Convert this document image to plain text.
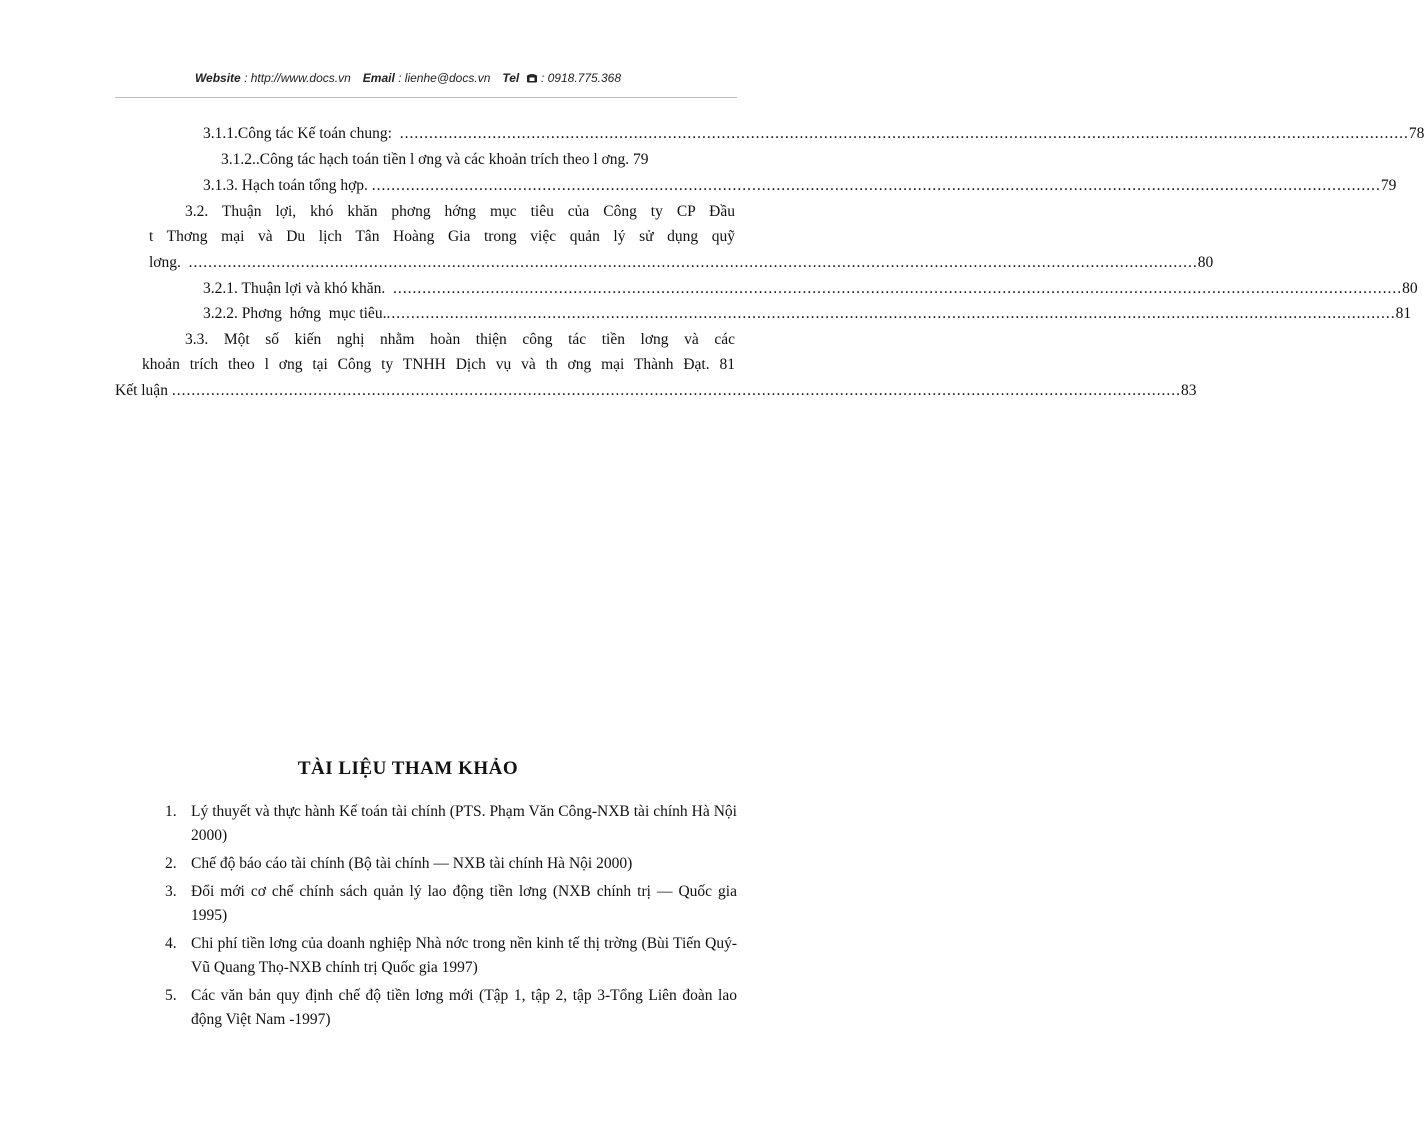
Website : http://www.docs.vn Email : lienhe@docs.vn Tel  : 0918.775.368
3.1.1.Công tác Kế toán chung: ............................................................................................................................................................................................................... 78
3.1.2..Công tác hạch toán tiền l ơng và các khoản trích theo l ơng. 79
3.1.3. Hạch toán tổng hợp. ............................................................................................................................................................................................................... 79
3.2. Thuận lợi, khó khăn phơng hớng mục tiêu của Công ty CP Đầu
t Thơng mại và Du lịch Tân Hoàng Gia trong việc quản lý sử dụng quỹ
lơng. ............................................................................................................................................................................................................... 80
3.2.1. Thuận lợi và khó khăn. ............................................................................................................................................................................................................... 80
3.2.2. Phơng  hớng  mục tiêu. ............................................................................................................................................................................................................... 81
3.3. Một số kiến nghị nhằm hoàn thiện công tác tiền lơng và các
khoản trích theo l ơng tại Công ty TNHH Dịch vụ và th ơng mại Thành Đạt. 81
Kết luận ............................................................................................................................................................................................................... 83
TÀI LIỆU THAM KHẢO
1. Lý thuyết và thực hành Kế toán tài chính (PTS. Phạm Văn Công-NXB tài chính Hà Nội 2000)
2. Chế độ báo cáo tài chính (Bộ tài chính — NXB tài chính Hà Nội 2000)
3. Đổi mới cơ chế chính sách quản lý lao động tiền lơng (NXB chính trị — Quốc gia 1995)
4. Chi phí tiền lơng của doanh nghiệp Nhà nớc trong nền kinh tế thị trờng (Bùi Tiến Quý-Vũ Quang Thọ-NXB chính trị Quốc gia 1997)
5. Các văn bản quy định chế độ tiền lơng mới (Tập 1, tập 2, tập 3-Tổng Liên đoàn lao động Việt Nam -1997)
